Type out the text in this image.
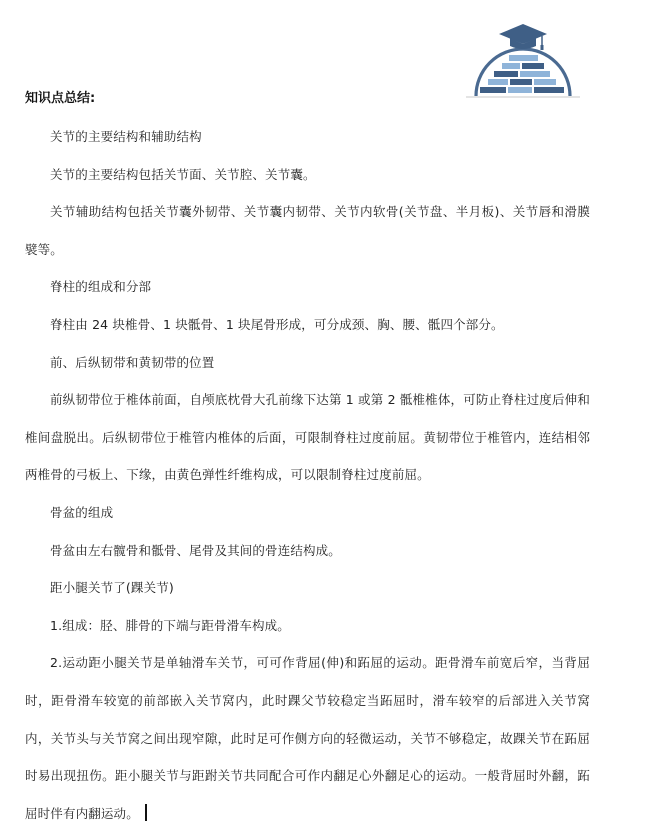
知识点总结:

关节的主要结构和辅助结构

关节的主要结构包括关节面、关节腔、关节囊。

关节辅助结构包括关节囊外韧带、关节囊内韧带、关节内软骨(关节盘、半月板)、关节唇和滑膜襞等。

脊柱的组成和分部

脊柱由 24 块椎骨、1 块骶骨、1 块尾骨形成，可分成颈、胸、腰、骶四个部分。

前、后纵韧带和黄韧带的位置

前纵韧带位于椎体前面，自颅底枕骨大孔前缘下达第 1 或第 2 骶椎椎体，可防止脊柱过度后伸和椎间盘脱出。后纵韧带位于椎管内椎体的后面，可限制脊柱过度前屈。黄韧带位于椎管内，连结相邻两椎骨的弓板上、下缘，由黄色弹性纤维构成，可以限制脊柱过度前屈。

骨盆的组成

骨盆由左右髋骨和骶骨、尾骨及其间的骨连结构成。

距小腿关节了(踝关节)

1.组成：胫、腓骨的下端与距骨滑车构成。

2.运动距小腿关节是单轴滑车关节，可可作背屈(伸)和跖屈的运动。距骨滑车前宽后窄，当背屈时，距骨滑车较宽的前部嵌入关节窝内，此时踝父节较稳定当跖屈时，滑车较窄的后部进入关节窝内，关节头与关节窝之间出现窄隙，此时足可作侧方向的轻微运动，关节不够稳定，故踝关节在跖屈时易出现扭伤。距小腿关节与距跗关节共同配合可作内翻足心外翻足心的运动。一般背屈时外翻，跖屈时伴有内翻运动。
